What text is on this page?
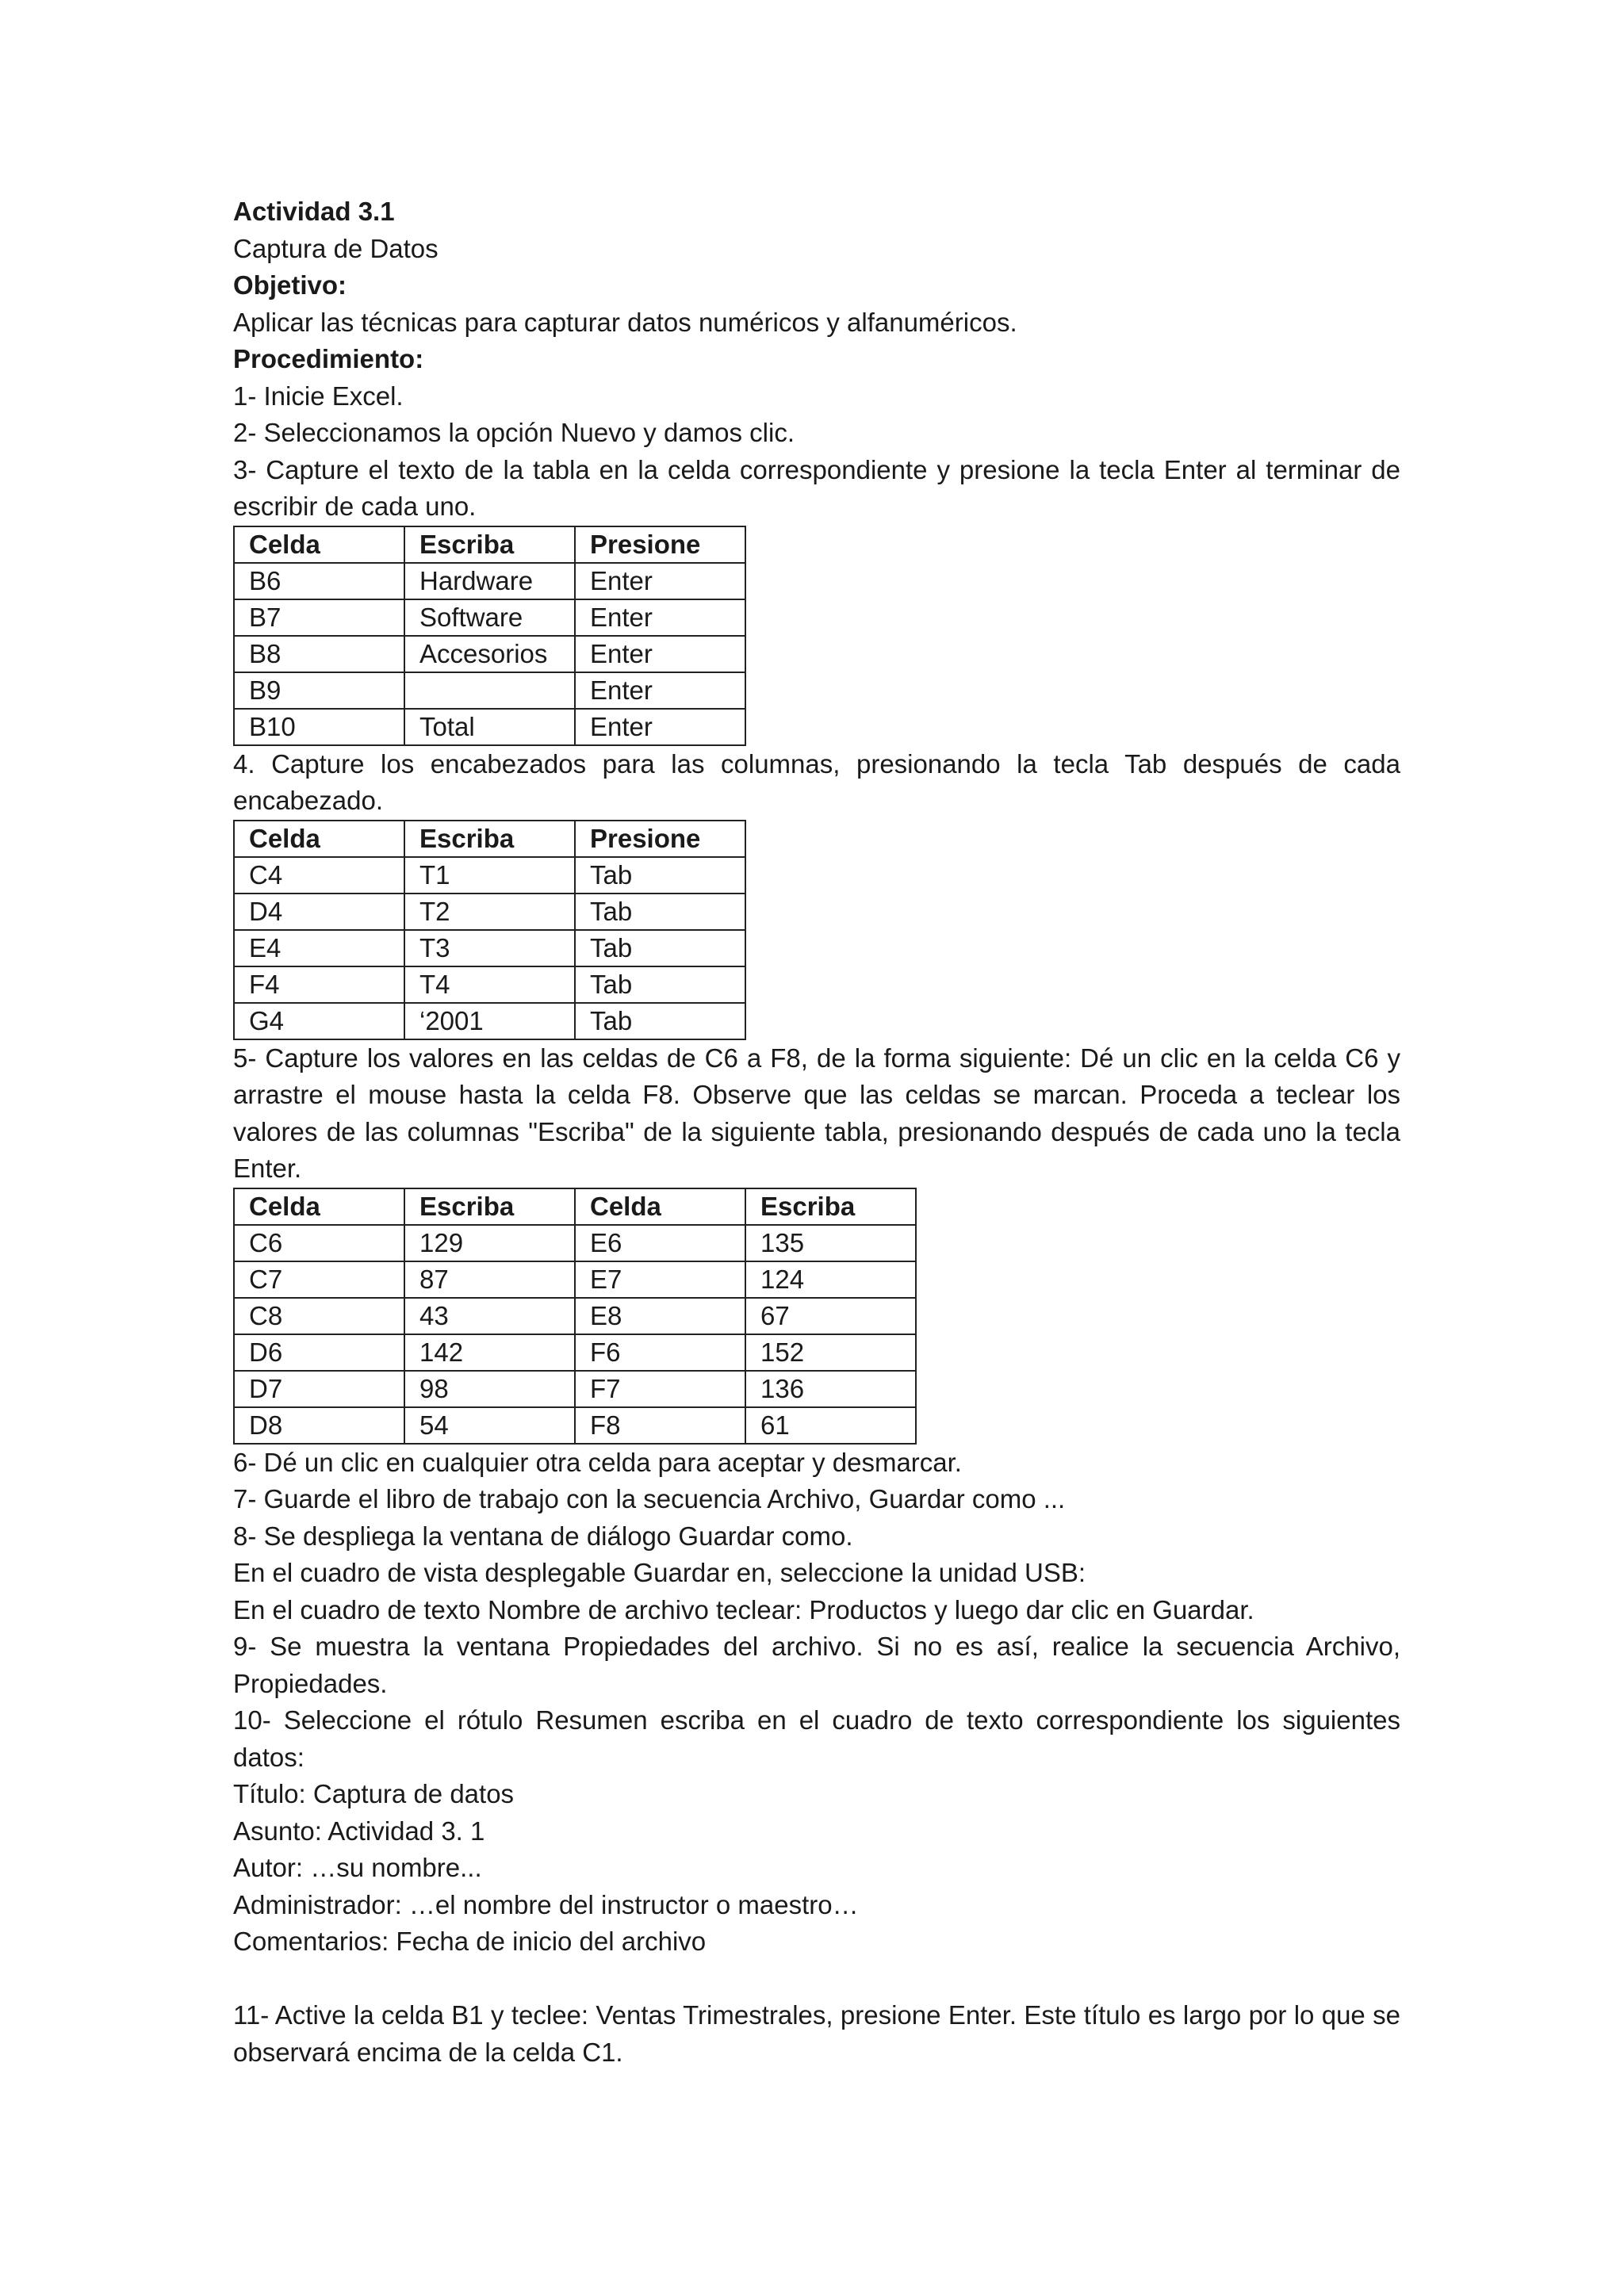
Actividad 3.1

Captura de Datos

Objetivo:

Aplicar las técnicas para capturar datos numéricos y alfanuméricos.

Procedimiento:

1- Inicie Excel.

2- Seleccionamos la opción Nuevo y damos clic.

3- Capture el texto de la tabla en la celda correspondiente y presione la tecla Enter al terminar de escribir de cada uno.

Celda	Escriba	Presione
B6	Hardware	Enter
B7	Software	Enter
B8	Accesorios	Enter
B9		Enter
B10	Total	Enter

4. Capture los encabezados para las columnas, presionando la tecla Tab después de cada encabezado.

Celda	Escriba	Presione
C4	T1	Tab
D4	T2	Tab
E4	T3	Tab
F4	T4	Tab
G4	‘2001	Tab

5- Capture los valores en las celdas de C6 a F8, de la forma siguiente: Dé un clic en la celda C6 y arrastre el mouse hasta la celda F8. Observe que las celdas se marcan. Proceda a teclear los valores de las columnas "Escriba" de la siguiente tabla, presionando después de cada uno la tecla Enter.

Celda	Escriba	Celda	Escriba
C6	129	E6	135
C7	87	E7	124
C8	43	E8	67
D6	142	F6	152
D7	98	F7	136
D8	54	F8	61

6- Dé un clic en cualquier otra celda para aceptar y desmarcar.

7- Guarde el libro de trabajo con la secuencia Archivo, Guardar como ...

8- Se despliega la ventana de diálogo Guardar como.

En el cuadro de vista desplegable Guardar en, seleccione la unidad USB:

En el cuadro de texto Nombre de archivo teclear: Productos y luego dar clic en Guardar.

9- Se muestra la ventana Propiedades del archivo. Si no es así, realice la secuencia Archivo, Propiedades.

10- Seleccione el rótulo Resumen escriba en el cuadro de texto correspondiente los siguientes datos:

Título: Captura de datos

Asunto: Actividad 3. 1

Autor: …su nombre...

Administrador: …el nombre del instructor o maestro…

Comentarios: Fecha de inicio del archivo

11- Active la celda B1 y teclee: Ventas Trimestrales, presione Enter. Este título es largo por lo que se observará encima de la celda C1.
